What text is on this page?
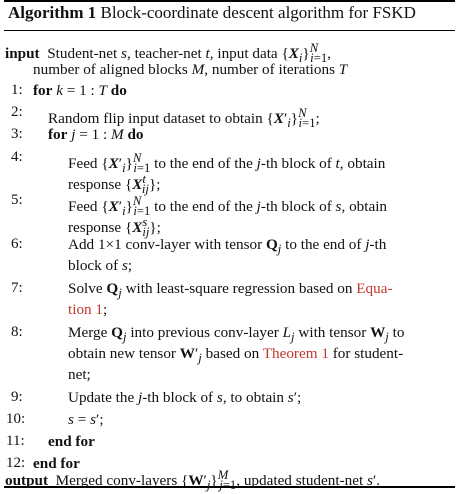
Algorithm 1 Block-coordinate descent algorithm for FSKD
input  Student-net s, teacher-net t, input data $\{X_i\}^N_{i=1}$,
number of aligned blocks M, number of iterations T
1: for k = 1 : T do
2: Random flip input dataset to obtain $\{X'_i\}^N_{i=1}$;
3: for j = 1 : M do
4:	Feed $\{X'_i\}^N_{i=1}$ to the end of the j-th block of t, obtain
response $\{X^t_{ij}\}$;
5:	Feed $\{X'_i\}^N_{i=1}$ to the end of the j-th block of s, obtain
response $\{X^s_{ij}\}$;
6:	Add 1×1 conv-layer with tensor $Q_j$ to the end of j-th
block of s;
7:	Solve $Q_j$ with least-square regression based on Equa-
tion 1;
8:	Merge $Q_j$ into previous conv-layer $L_j$ with tensor $W_j$ to
obtain new tensor $W'_j$ based on Theorem 1 for student-
net;
9:	Update the j-th block of s, to obtain s′;
10:	s = s′;
11: end for
12: end for
output  Merged conv-layers $\{W'_j\}^M_{j=1}$, updated student-net s′.
